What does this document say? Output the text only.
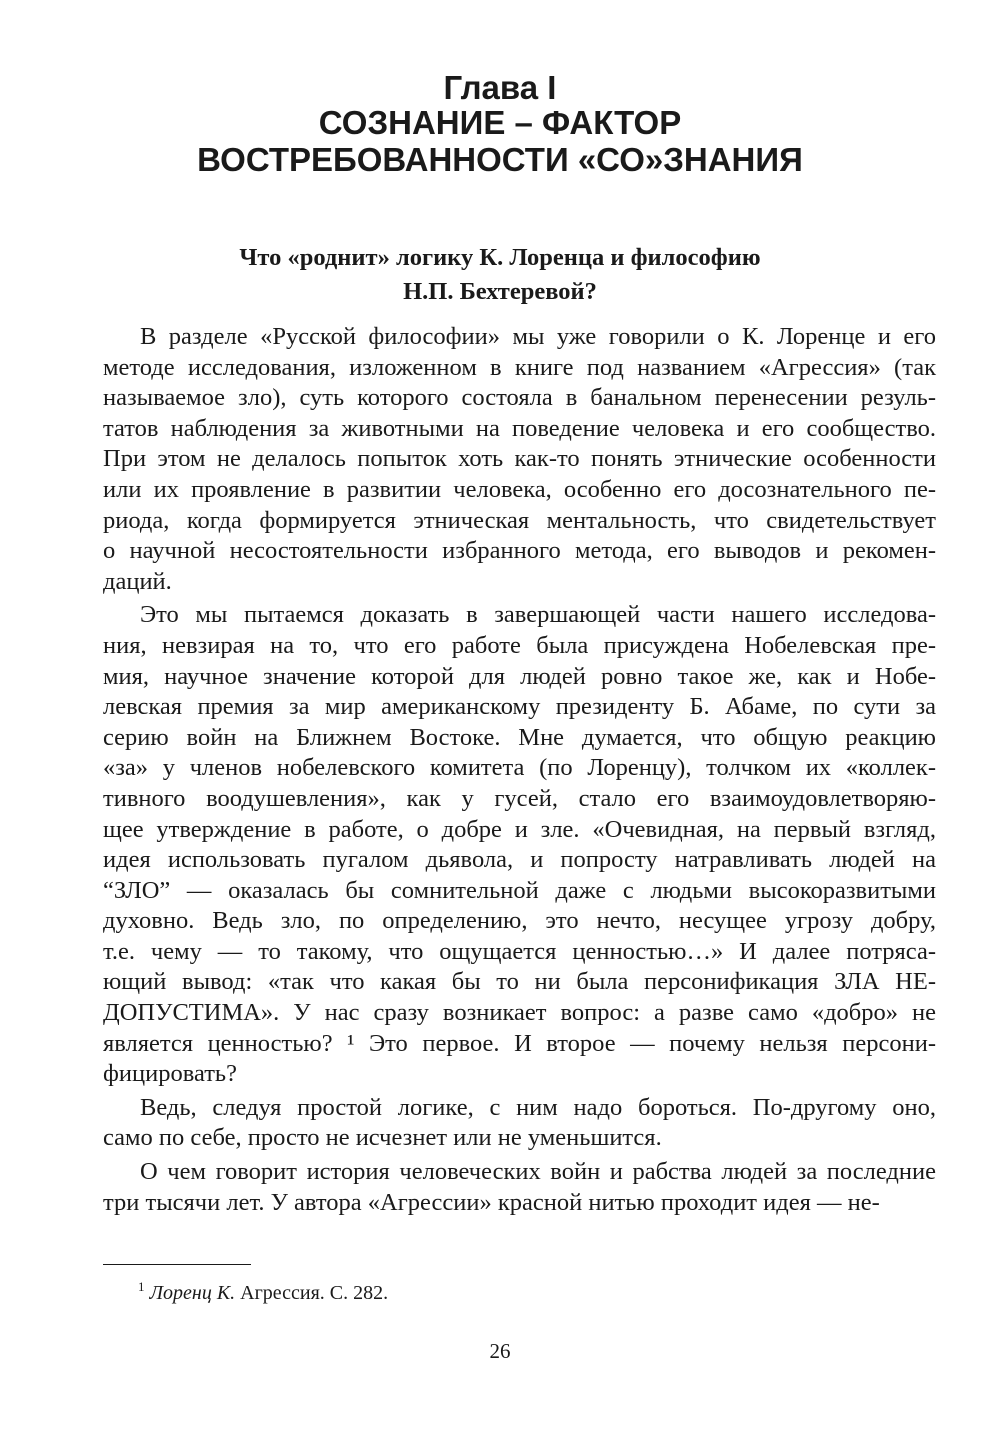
Глава I
СОЗНАНИЕ – ФАКТОР
ВОСТРЕБОВАННОСТИ «СО»ЗНАНИЯ
Что «роднит» логику К. Лоренца и философию
Н.П. Бехтеревой?
В разделе «Русской философии» мы уже говорили о К. Лоренце и его
методе исследования, изложенном в книге под названием «Агрессия» (так
называемое зло), суть которого состояла в банальном перенесении резуль-
татов наблюдения за животными на поведение человека и его сообщество.
При этом не делалось попыток хоть как-то понять этнические особенности
или их проявление в развитии человека, особенно его досознательного пе-
риода, когда формируется этническая ментальность, что свидетельствует
о научной несостоятельности избранного метода, его выводов и рекомен-
даций.
Это мы пытаемся доказать в завершающей части нашего исследова-
ния, невзирая на то, что его работе была присуждена Нобелевская пре-
мия, научное значение которой для людей ровно такое же, как и Нобе-
левская премия за мир американскому президенту Б. Абаме, по сути за
серию войн на Ближнем Востоке. Мне думается, что общую реакцию
«за» у членов нобелевского комитета (по Лоренцу), толчком их «коллек-
тивного воодушевления», как у гусей, стало его взаимоудовлетворяю-
щее утверждение в работе, о добре и зле. «Очевидная, на первый взгляд,
идея использовать пугалом дьявола, и попросту натравливать людей на
“ЗЛО” — оказалась бы сомнительной даже с людьми высокоразвитыми
духовно. Ведь зло, по определению, это нечто, несущее угрозу добру,
т.е. чему — то такому, что ощущается ценностью…» И далее потряса-
ющий вывод: «так что какая бы то ни была персонификация ЗЛА НЕ-
ДОПУСТИМА». У нас сразу возникает вопрос: а разве само «добро» не
является ценностью? ¹ Это первое. И второе — почему нельзя персони-
фицировать?
Ведь, следуя простой логике, с ним надо бороться. По-другому оно,
само по себе, просто не исчезнет или не уменьшится.
О чем говорит история человеческих войн и рабства людей за последние
три тысячи лет. У автора «Агрессии» красной нитью проходит идея — не-
$^1$ Лоренц К. Агрессия. С. 282.
26
